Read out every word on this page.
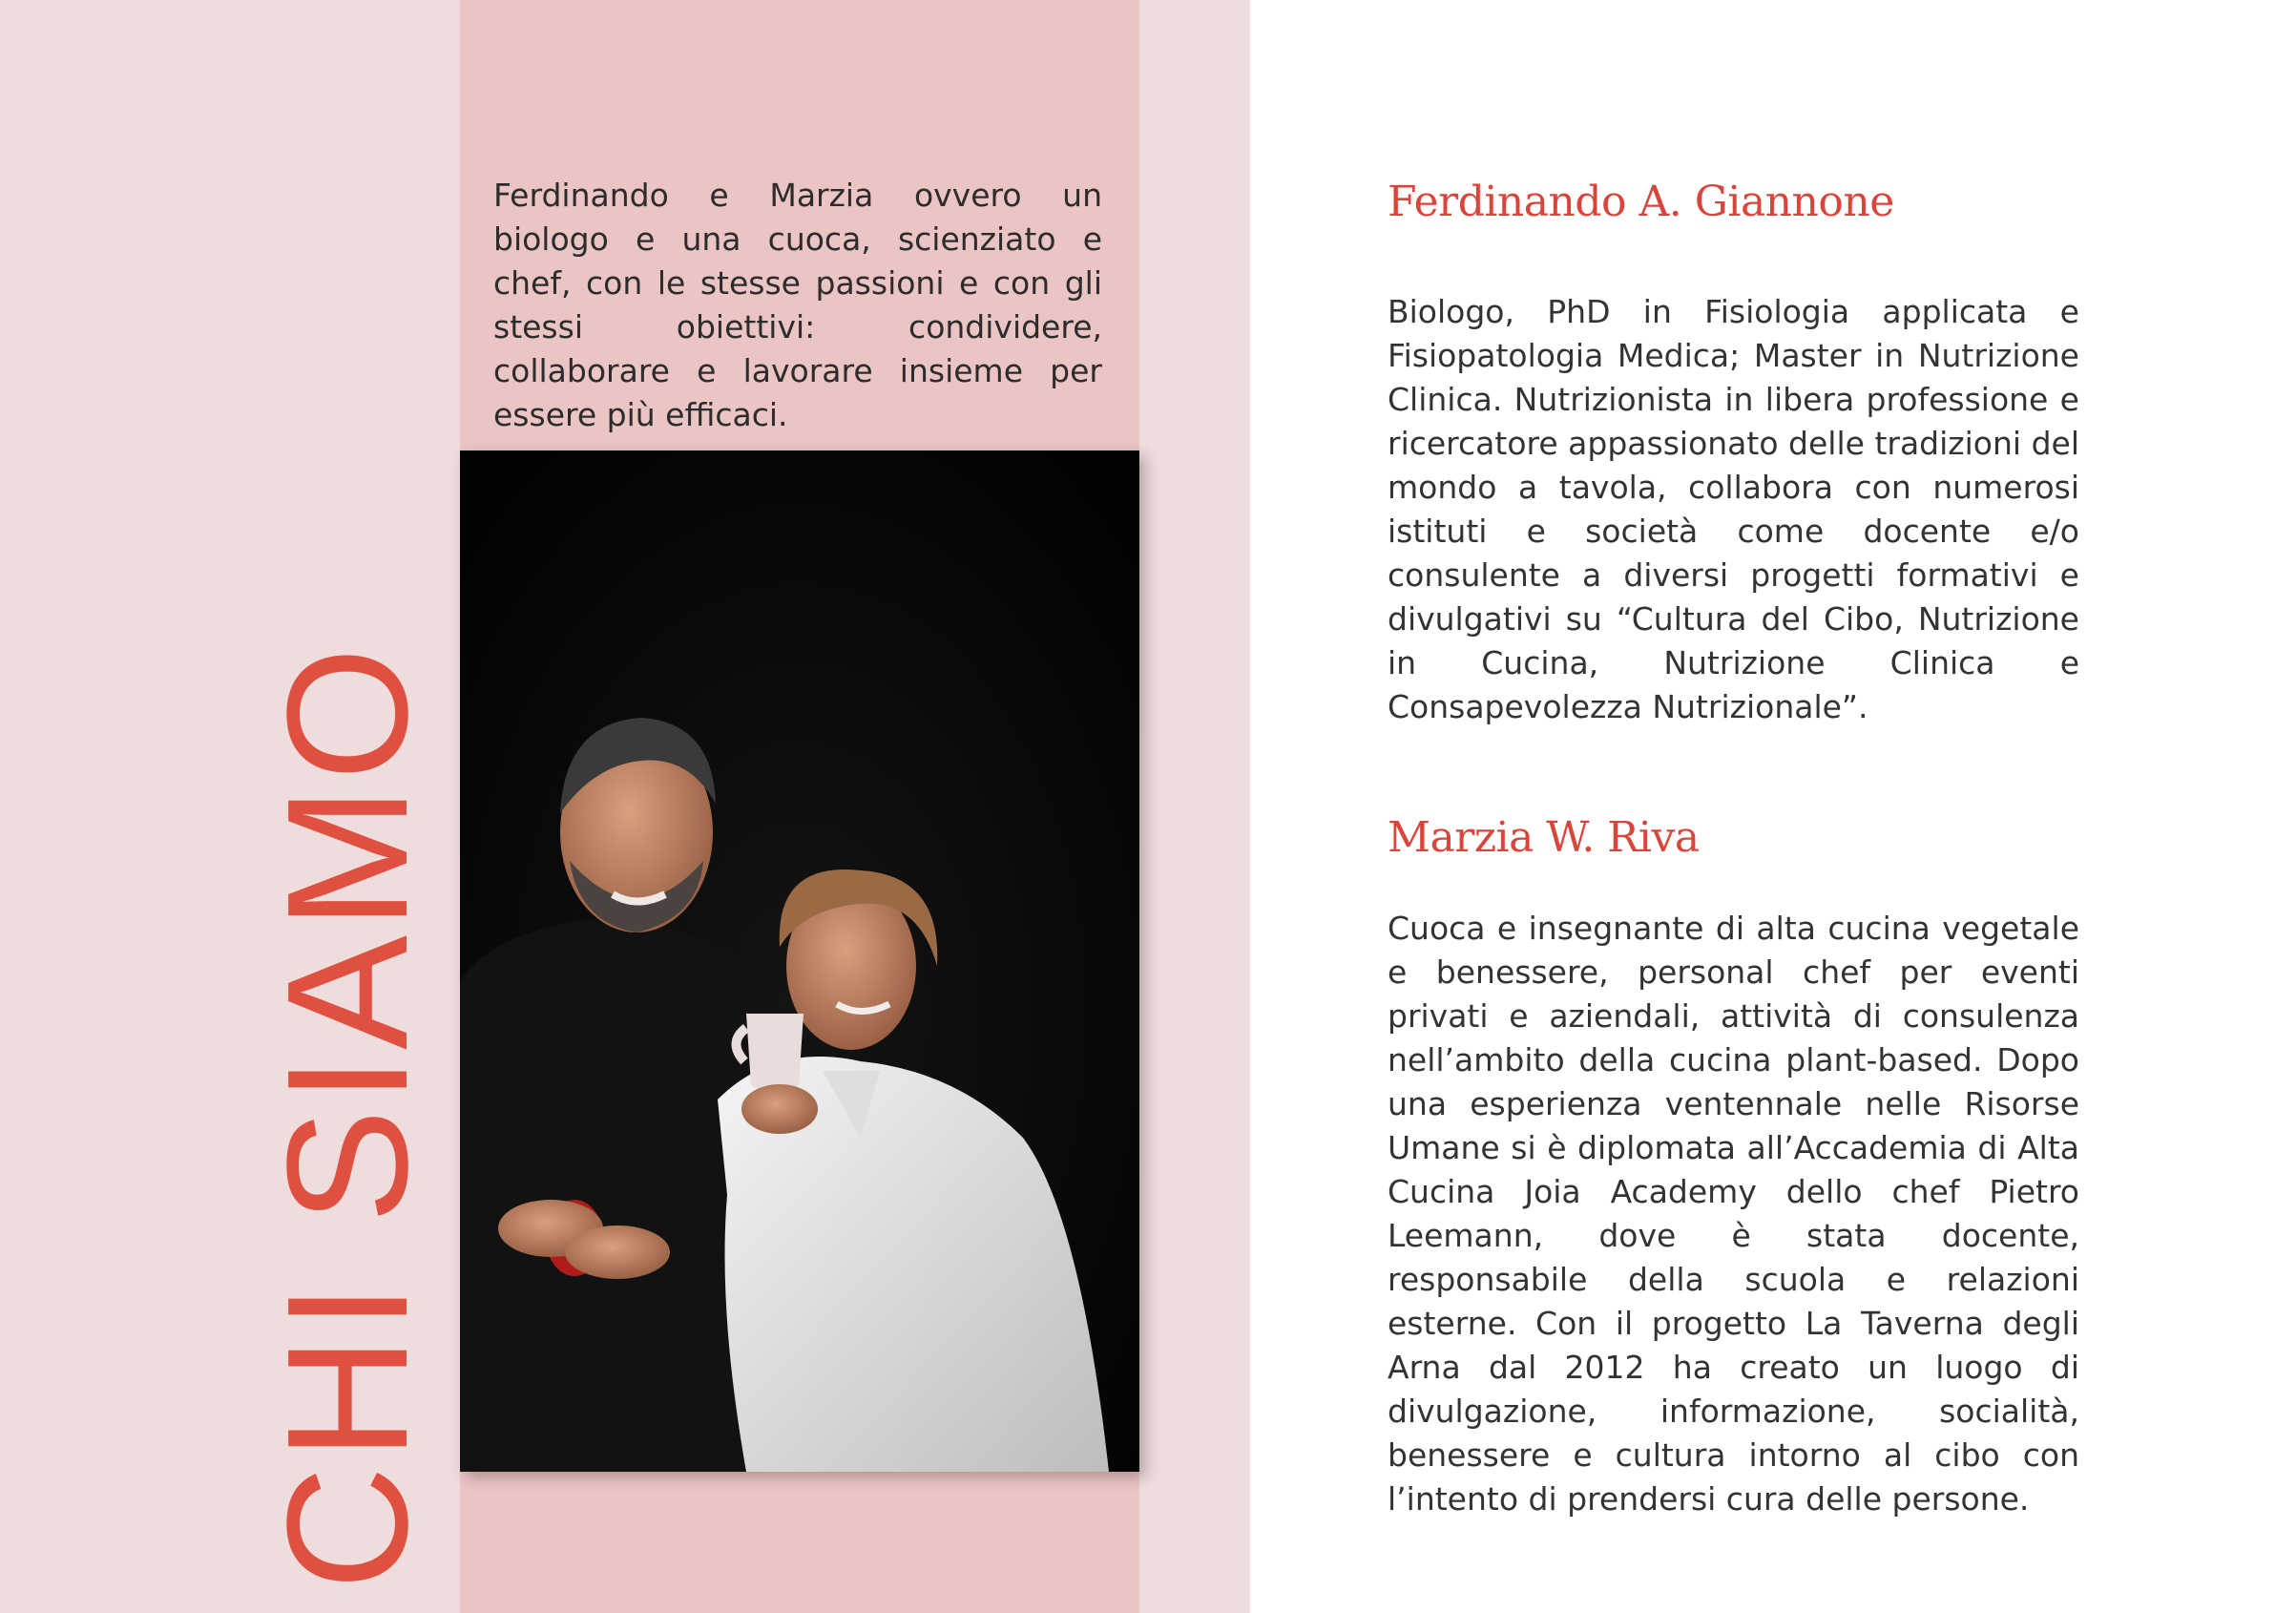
CHI SIAMO

Ferdinando e Marzia ovvero un biologo e una cuoca, scienziato e chef, con le stesse passioni e con gli stessi obiettivi: condividere, collaborare e lavorare insieme per essere più efficaci.

Ferdinando A. Giannone

Biologo, PhD in Fisiologia applicata e Fisiopatologia Medica; Master in Nutrizione Clinica. Nutrizionista in libera professione e ricercatore appassionato delle tradizioni del mondo a tavola, collabora con numerosi istituti e società come docente e/o consulente a diversi progetti formativi e divulgativi su “Cultura del Cibo, Nutrizione in Cucina, Nutrizione Clinica e Consapevolezza Nutrizionale”.

Marzia W. Riva

Cuoca e insegnante di alta cucina vegetale e benessere, personal chef per eventi privati e aziendali, attività di consulenza nell’ambito della cucina plant-based. Dopo una esperienza ventennale nelle Risorse Umane si è diplomata all’Accademia di Alta Cucina Joia Academy dello chef Pietro Leemann, dove è stata docente, responsabile della scuola e relazioni esterne. Con il progetto La Taverna degli Arna dal 2012 ha creato un luogo di divulgazione, informazione, socialità, benessere e cultura intorno al cibo con l’intento di prendersi cura delle persone.
